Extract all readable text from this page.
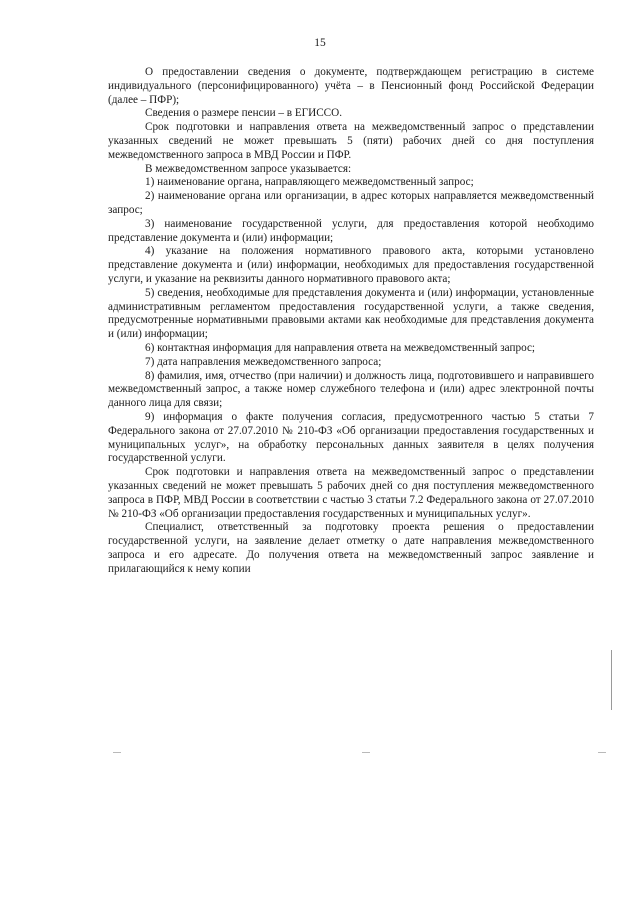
15

О предоставлении сведения о документе, подтверждающем регистрацию в системе индивидуального (персонифицированного) учёта – в Пенсионный фонд Российской Федерации (далее – ПФР);

Сведения о размере пенсии – в ЕГИССО.

Срок подготовки и направления ответа на межведомственный запрос о представлении указанных сведений не может превышать 5 (пяти) рабочих дней со дня поступления межведомственного запроса в МВД России и ПФР.

В межведомственном запросе указывается:

1) наименование органа, направляющего межведомственный запрос;

2) наименование органа или организации, в адрес которых направляется межведомственный запрос;

3) наименование государственной услуги, для предоставления которой необходимо представление документа и (или) информации;

4) указание на положения нормативного правового акта, которыми установлено представление документа и (или) информации, необходимых для предоставления государственной услуги, и указание на реквизиты данного нормативного правового акта;

5) сведения, необходимые для представления документа и (или) информации, установленные административным регламентом предоставления государственной услуги, а также сведения, предусмотренные нормативными правовыми актами как необходимые для представления документа и (или) информации;

6) контактная информация для направления ответа на межведомственный запрос;

7) дата направления межведомственного запроса;

8) фамилия, имя, отчество (при наличии) и должность лица, подготовившего и направившего межведомственный запрос, а также номер служебного телефона и (или) адрес электронной почты данного лица для связи;

9) информация о факте получения согласия, предусмотренного частью 5 статьи 7 Федерального закона от 27.07.2010 № 210-ФЗ «Об организации предоставления государственных и муниципальных услуг», на обработку персональных данных заявителя в целях получения государственной услуги.

Срок подготовки и направления ответа на межведомственный запрос о представлении указанных сведений не может превышать 5 рабочих дней со дня поступления межведомственного запроса в ПФР, МВД России в соответствии с частью 3 статьи 7.2 Федерального закона от 27.07.2010 № 210-ФЗ «Об организации предоставления государственных и муниципальных услуг».

Специалист, ответственный за подготовку проекта решения о предоставлении государственной услуги, на заявление делает отметку о дате направления межведомственного запроса и его адресате. До получения ответа на межведомственный запрос заявление и прилагающийся к нему копии
